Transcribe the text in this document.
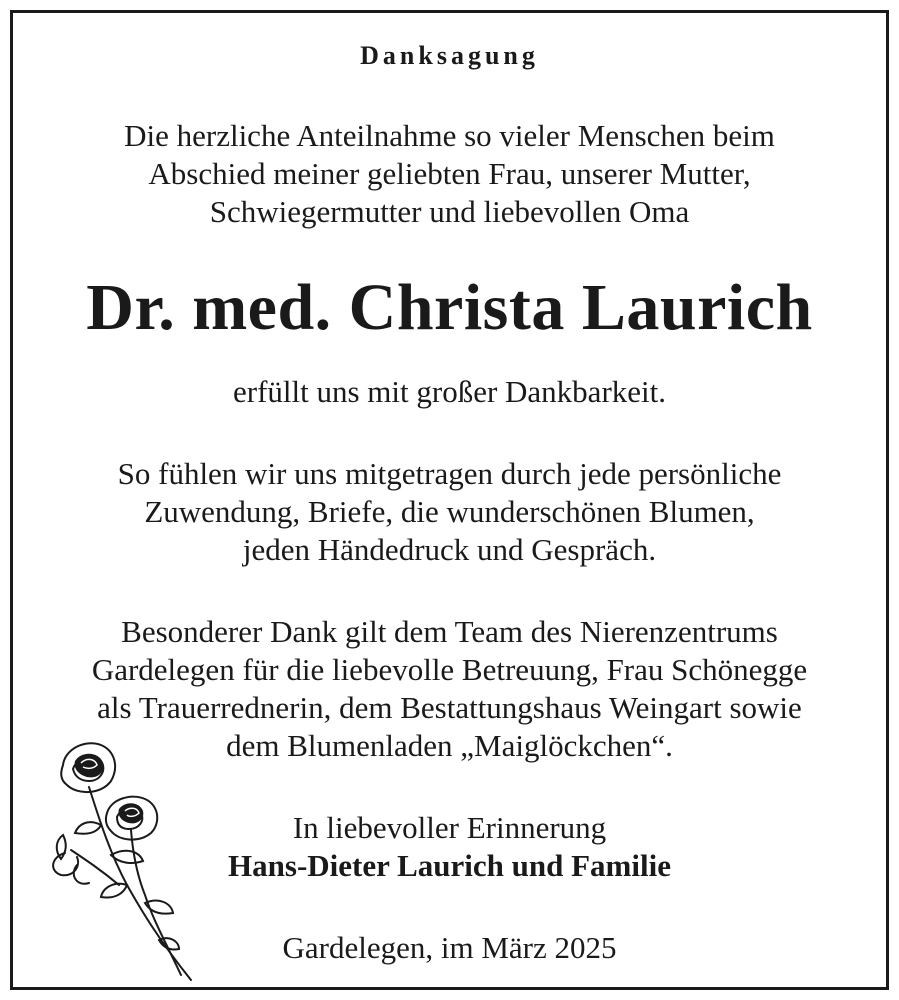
Danksagung
Die herzliche Anteilnahme so vieler Menschen beim
Abschied meiner geliebten Frau, unserer Mutter,
Schwiegermutter und liebevollen Oma
Dr. med. Christa Laurich
erfüllt uns mit großer Dankbarkeit.
So fühlen wir uns mitgetragen durch jede persönliche
Zuwendung, Briefe, die wunderschönen Blumen,
jeden Händedruck und Gespräch.
Besonderer Dank gilt dem Team des Nierenzentrums
Gardelegen für die liebevolle Betreuung, Frau Schönegge
als Trauerrednerin, dem Bestattungshaus Weingart sowie
dem Blumenladen „Maiglöckchen“.
In liebevoller Erinnerung
Hans-Dieter Laurich und Familie
Gardelegen, im März 2025
